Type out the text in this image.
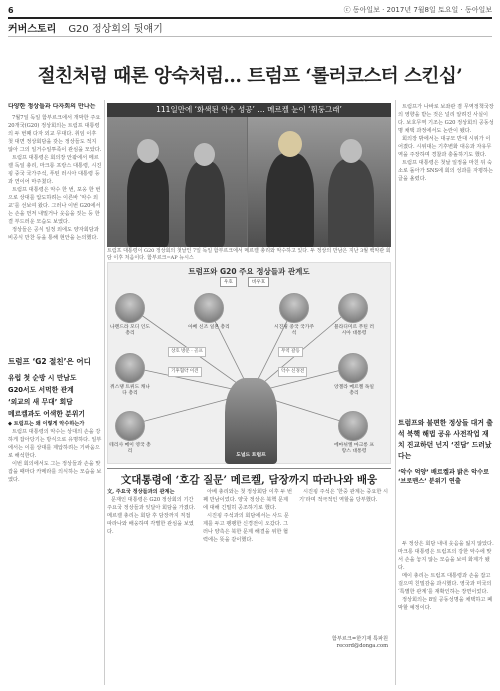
6	ⓒ 동아일보 · 2017년 7월8일 토요일 · 동아일보
커버스토리 G20 정상회의 뒷얘기
절친처럼 때론 앙숙처럼… 트럼프 ‘롤러코스터 스킨십’

다양한 정상들과 다자회의 만나는

7월7일 독일 함부르크에서 개막한 주요 20개국(G20) 정상회의는 트럼프 대통령의 두 번째 다자 외교 무대다. 취임 이후 첫 대면 정상회담을 갖는 정상들도 적지 않아 그의 일거수일투족이 관심을 모았다.

트럼프 대통령은 회의장 안팎에서 메르켈 독일 총리, 마크롱 프랑스 대통령, 시진핑 중국 국가주석, 푸틴 러시아 대통령 등과 연이어 마주쳤다.

트럼프 대통령은 악수 한 번, 포옹 한 번으로 상대를 압도하려는 이른바 ‘악수 외교’를 선보여 왔다. 그러나 이번 G20에서는 손을 먼저 내밀거나 웃음을 짓는 등 한결 부드러운 모습도 보였다.

정상들은 공식 일정 외에도 양자회담과 비공식 만찬 등을 통해 현안을 논의했다.

트럼프 ‘G2 절친’은 어디
유럽 첫 순방 시 만남도
G20서도 서먹한 관계
‘외교의 새 무대’ 회담
메르켈과도 어색한 분위기

◆ 트럼프는 왜 이렇게 악수하는가

트럼프 대통령의 악수는 상대의 손을 강하게 잡아당기는 방식으로 유명하다. 일부에서는 이를 상대를 제압하려는 기싸움으로 해석한다.

이번 회의에서도 그는 정상들과 손을 맞잡을 때마다 카메라를 의식하는 모습을 보였다.

111일만에 ‘화색된 악수 성공’ … 메르켈 눈이 ‘휘둥그래’
트럼프 대통령이 G20 정상회의 첫날인 7일 독일 함부르크에서 메르켈 총리와 악수하고 있다. 두 정상의 만남은 지난 3월 백악관 회담 이후 처음이다. 함부르크=AP 뉴시스
트럼프와 G20 주요 정상들과 관계도
우호	비우호
나렌드라 모디 인도 총리
아베 신조 일본 총리	시진핑 중국 국가주석
블라디미르 푸틴 러시아 대통령
쥐스탱 트뤼도 캐나다 총리
앙겔라 메르켈 독일 총리
테리사 메이 영국 총리
에마뉘엘 마크롱 프랑스 대통령
상호 방문 · 골프	무역 갈등
기후협약 이견	악수 신경전
도널드 트럼프
文대통령에 ‘호감 질문’ 메르켈, 담장까지 따라나와 배웅

文, 주요국 정상들과의 관계는

문재인 대통령은 G20 정상회의 기간 주요국 정상들과 잇달아 회담을 가졌다. 메르켈 총리는 회담 후 담장까지 직접 따라나와 배웅하며 각별한 관심을 보였다.

아베 총리와는 첫 정상회담 이후 두 번째 만남이었다. 양국 정상은 북핵 문제에 대해 긴밀히 공조하기로 했다.

시진핑 주석과의 회담에서는 사드 문제를 두고 팽팽한 신경전이 오갔다. 그러나 양측은 북한 문제 해결을 위한 협력에는 뜻을 같이했다.

시진핑 주석은 ‘한중 관계는 중요한 시기’라며 적극적인 역할을 당부했다.

함부르크=한기재 특파원
record@donga.com

트럼프가 나바로 보좌관 겸 무역정책국장의 영향을 받는 것은 널리 알려진 사실이다. 보호무역 기조는 G20 정상회의 공동성명 채택 과정에서도 논란이 됐다.

회의장 밖에서는 대규모 반대 시위가 이어졌다. 시위대는 기후변화 대응과 자유무역을 주장하며 경찰과 충돌하기도 했다.

트럼프 대통령은 첫날 일정을 마친 뒤 숙소로 돌아가 SNS에 회의 성과를 자평하는 글을 올렸다.

트럼프와 불편한 정상들 대거 출석 북핵 해법 공유 사전작업 재치 진교하던 넌지 ‘진담’ 드러났다는
‘악수 억양’ 배르켈과 밝은 악수로 ‘브로맨스’ 분위기 연출

두 정상은 회담 내내 웃음을 잃지 않았다. 마크롱 대통령은 트럼프의 강한 악수에 맞서 손을 놓지 않는 모습을 보여 화제가 됐다.

메이 총리는 트럼프 대통령과 손을 잡고 걸으며 친밀감을 과시했다. 영국과 미국의 ‘특별한 관계’를 재확인하는 장면이었다.

정상회의는 8일 공동성명을 채택하고 폐막할 예정이다.
